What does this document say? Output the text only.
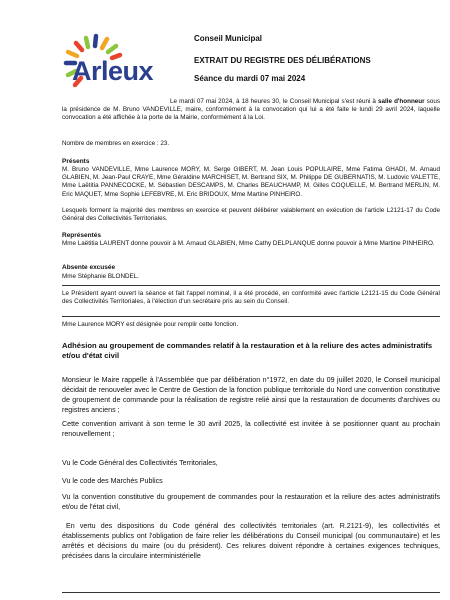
Arleux
Conseil Municipal
EXTRAIT DU REGISTRE DES DÉLIBÉRATIONS
Séance du mardi 07 mai 2024
Le mardi 07 mai 2024, à 18 heures 30, le Conseil Municipal s'est réuni à salle d'honneur sous la présidence de M. Bruno VANDEVILLE, maire, conformément à la convocation qui lui a été faite le lundi 29 avril 2024, laquelle convocation a été affichée à la porte de la Mairie, conformément à la Loi.
Nombre de membres en exercice : 23.
Présents
M. Bruno VANDEVILLE, Mme Laurence MORY, M. Serge GIBERT, M. Jean Louis POPULAIRE, Mme Fatima GHADI, M. Arnaud GLABIEN, M. Jean-Paul CRAYE, Mme Géraldine MARCHISET, M. Bertrand SIX, M. Philippe DE GUBERNATIS, M. Ludovic VALETTE, Mme Laëtitia PANNECOCKE, M. Sébastien DESCAMPS, M. Charles BEAUCHAMP, M. Gilles COQUELLE, M. Bertrand MERLIN, M. Eric MAQUET, Mme Sophie LEFEBVRE, M. Eric BRIDOUX, Mme Martine PINHEIRO.
Lesquels forment la majorité des membres en exercice et peuvent délibérer valablement en exécution de l'article L2121-17 du Code Général des Collectivités Territoriales.
Représentés
Mme Laëtitia LAURENT donne pouvoir à M. Arnaud GLABIEN, Mme Cathy DELPLANQUE donne pouvoir à Mme Martine PINHEIRO.
Absente excusée
Mme Stéphanie BLONDEL.
Le Président ayant ouvert la séance et fait l'appel nominal, il a été procédé, en conformité avec l'article L2121-15 du Code Général des Collectivités Territoriales, à l'élection d'un secrétaire pris au sein du Conseil.
Mme Laurence MORY est désignée pour remplir cette fonction.
Adhésion au groupement de commandes relatif à la restauration et à la reliure des actes administratifs et/ou d'état civil
Monsieur le Maire rappelle à l'Assemblée que par délibération n°1972, en date du 09 juillet 2020, le Conseil municipal décidait de renouveler avec le Centre de Gestion de la fonction publique territoriale du Nord une convention constitutive de groupement de commande pour la réalisation de registre relié ainsi que la restauration de documents d'archives ou registres anciens ;
Cette convention arrivant à son terme le 30 avril 2025, la collectivité est invitée à se positionner quant au prochain renouvellement ;
Vu le Code Général des Collectivités Territoriales,
Vu le code des Marchés Publics
Vu la convention constitutive du groupement de commandes pour la restauration et la reliure des actes administratifs et/ou de l'état civil,
En vertu des dispositions du Code général des collectivités territoriales (art. R.2121-9), les collectivités et établissements publics ont l'obligation de faire relier les délibérations du Conseil municipal (ou communautaire) et les arrêtés et décisions du maire (ou du président). Ces reliures doivent répondre à certaines exigences techniques, précisées dans la circulaire interministérielle
